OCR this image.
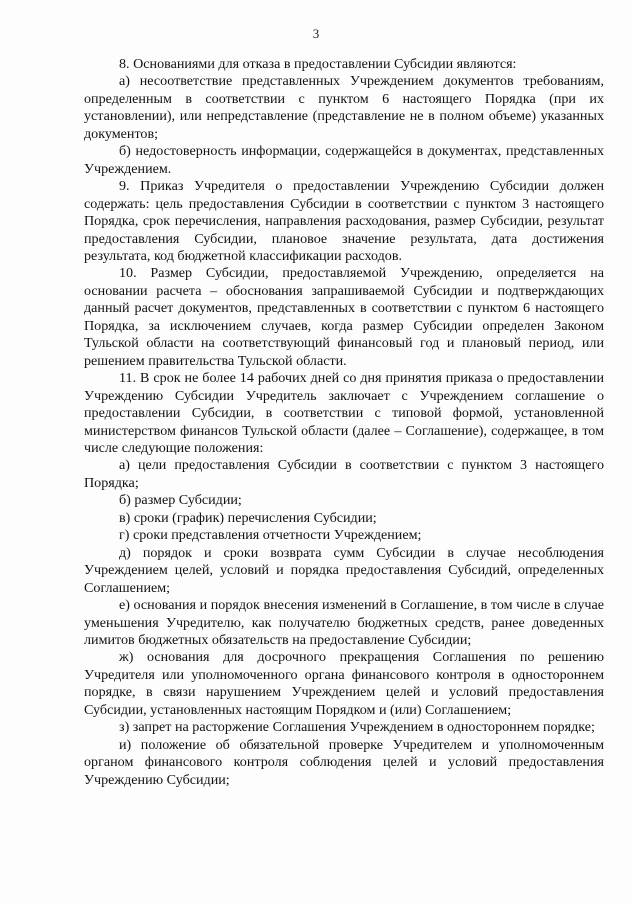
3

8. Основаниями для отказа в предоставлении Субсидии являются:

а) несоответствие представленных Учреждением документов требованиям, определенным в соответствии с пунктом 6 настоящего Порядка (при их установлении), или непредставление (представление не в полном объеме) указанных документов;

б) недостоверность информации, содержащейся в документах, представленных Учреждением.

9. Приказ Учредителя о предоставлении Учреждению Субсидии должен содержать: цель предоставления Субсидии в соответствии с пунктом 3 настоящего Порядка, срок перечисления, направления расходования, размер Субсидии, результат предоставления Субсидии, плановое значение результата, дата достижения результата, код бюджетной классификации расходов.

10. Размер Субсидии, предоставляемой Учреждению, определяется на основании расчета – обоснования запрашиваемой Субсидии и подтверждающих данный расчет документов, представленных в соответствии с пунктом 6 настоящего Порядка, за исключением случаев, когда размер Субсидии определен Законом Тульской области на соответствующий финансовый год и плановый период, или решением правительства Тульской области.

11. В срок не более 14 рабочих дней со дня принятия приказа о предоставлении Учреждению Субсидии Учредитель заключает с Учреждением соглашение о предоставлении Субсидии, в соответствии с типовой формой, установленной министерством финансов Тульской области (далее – Соглашение), содержащее, в том числе следующие положения:

а) цели предоставления Субсидии в соответствии с пунктом 3 настоящего Порядка;

б) размер Субсидии;

в) сроки (график) перечисления Субсидии;

г) сроки представления отчетности Учреждением;

д) порядок и сроки возврата сумм Субсидии в случае несоблюдения Учреждением целей, условий и порядка предоставления Субсидий, определенных Соглашением;

е) основания и порядок внесения изменений в Соглашение, в том числе в случае уменьшения Учредителю, как получателю бюджетных средств, ранее доведенных лимитов бюджетных обязательств на предоставление Субсидии;

ж) основания для досрочного прекращения Соглашения по решению Учредителя или уполномоченного органа финансового контроля в одностороннем порядке, в связи нарушением Учреждением целей и условий предоставления Субсидии, установленных настоящим Порядком и (или) Соглашением;

з) запрет на расторжение Соглашения Учреждением в одностороннем порядке;

и) положение об обязательной проверке Учредителем и уполномоченным органом финансового контроля соблюдения целей и условий предоставления Учреждению Субсидии;
